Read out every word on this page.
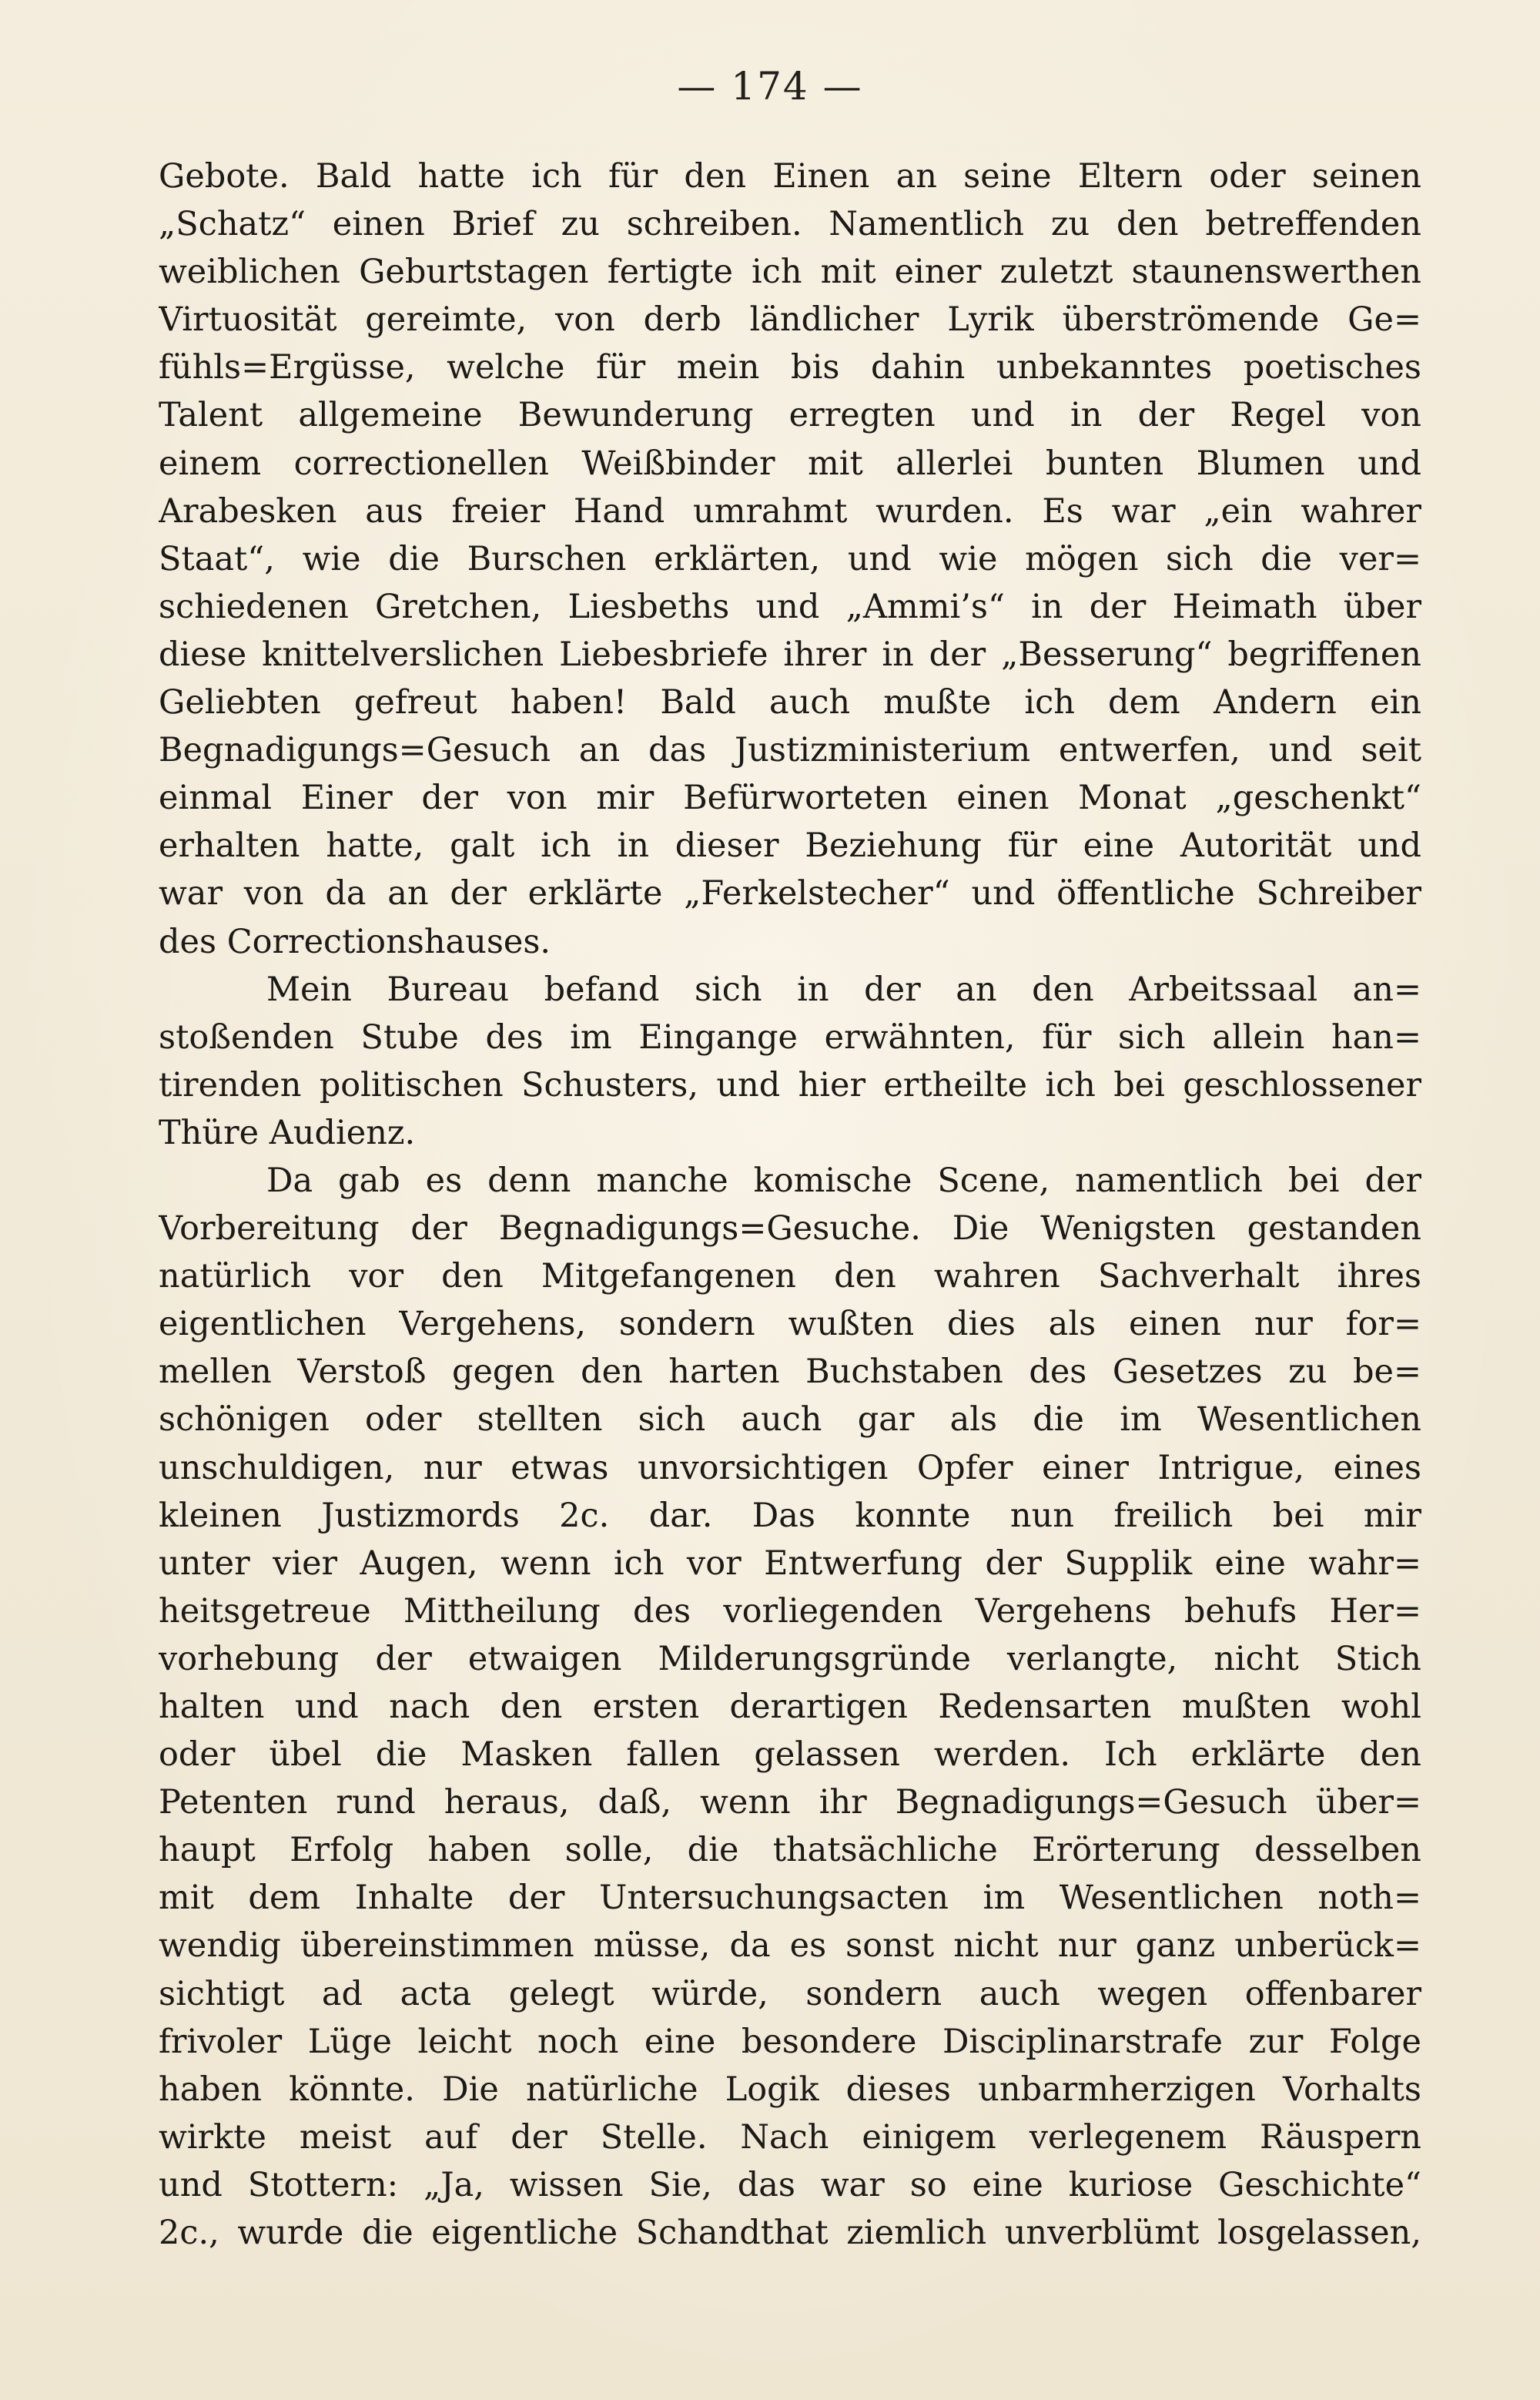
— 174 —
Gebote. Bald hatte ich für den Einen an seine Eltern oder seinen
„Schatz“ einen Brief zu schreiben. Namentlich zu den betreffenden
weiblichen Geburtstagen fertigte ich mit einer zuletzt staunenswerthen
Virtuosität gereimte, von derb ländlicher Lyrik überströmende Ge=
fühls=Ergüsse, welche für mein bis dahin unbekanntes poetisches
Talent allgemeine Bewunderung erregten und in der Regel von
einem correctionellen Weißbinder mit allerlei bunten Blumen und
Arabesken aus freier Hand umrahmt wurden. Es war „ein wahrer
Staat“, wie die Burschen erklärten, und wie mögen sich die ver=
schiedenen Gretchen, Liesbeths und „Ammi’s“ in der Heimath über
diese knittelverslichen Liebesbriefe ihrer in der „Besserung“ begriffenen
Geliebten gefreut haben! Bald auch mußte ich dem Andern ein
Begnadigungs=Gesuch an das Justizministerium entwerfen, und seit
einmal Einer der von mir Befürworteten einen Monat „geschenkt“
erhalten hatte, galt ich in dieser Beziehung für eine Autorität und
war von da an der erklärte „Ferkelstecher“ und öffentliche Schreiber
des Correctionshauses.
Mein Bureau befand sich in der an den Arbeitssaal an=
stoßenden Stube des im Eingange erwähnten, für sich allein han=
tirenden politischen Schusters, und hier ertheilte ich bei geschlossener
Thüre Audienz.
Da gab es denn manche komische Scene, namentlich bei der
Vorbereitung der Begnadigungs=Gesuche. Die Wenigsten gestanden
natürlich vor den Mitgefangenen den wahren Sachverhalt ihres
eigentlichen Vergehens, sondern wußten dies als einen nur for=
mellen Verstoß gegen den harten Buchstaben des Gesetzes zu be=
schönigen oder stellten sich auch gar als die im Wesentlichen
unschuldigen, nur etwas unvorsichtigen Opfer einer Intrigue, eines
kleinen Justizmords 2c. dar. Das konnte nun freilich bei mir
unter vier Augen, wenn ich vor Entwerfung der Supplik eine wahr=
heitsgetreue Mittheilung des vorliegenden Vergehens behufs Her=
vorhebung der etwaigen Milderungsgründe verlangte, nicht Stich
halten und nach den ersten derartigen Redensarten mußten wohl
oder übel die Masken fallen gelassen werden. Ich erklärte den
Petenten rund heraus, daß, wenn ihr Begnadigungs=Gesuch über=
haupt Erfolg haben solle, die thatsächliche Erörterung desselben
mit dem Inhalte der Untersuchungsacten im Wesentlichen noth=
wendig übereinstimmen müsse, da es sonst nicht nur ganz unberück=
sichtigt ad acta gelegt würde, sondern auch wegen offenbarer
frivoler Lüge leicht noch eine besondere Disciplinarstrafe zur Folge
haben könnte. Die natürliche Logik dieses unbarmherzigen Vorhalts
wirkte meist auf der Stelle. Nach einigem verlegenem Räuspern
und Stottern: „Ja, wissen Sie, das war so eine kuriose Geschichte“
2c., wurde die eigentliche Schandthat ziemlich unverblümt losgelassen,
